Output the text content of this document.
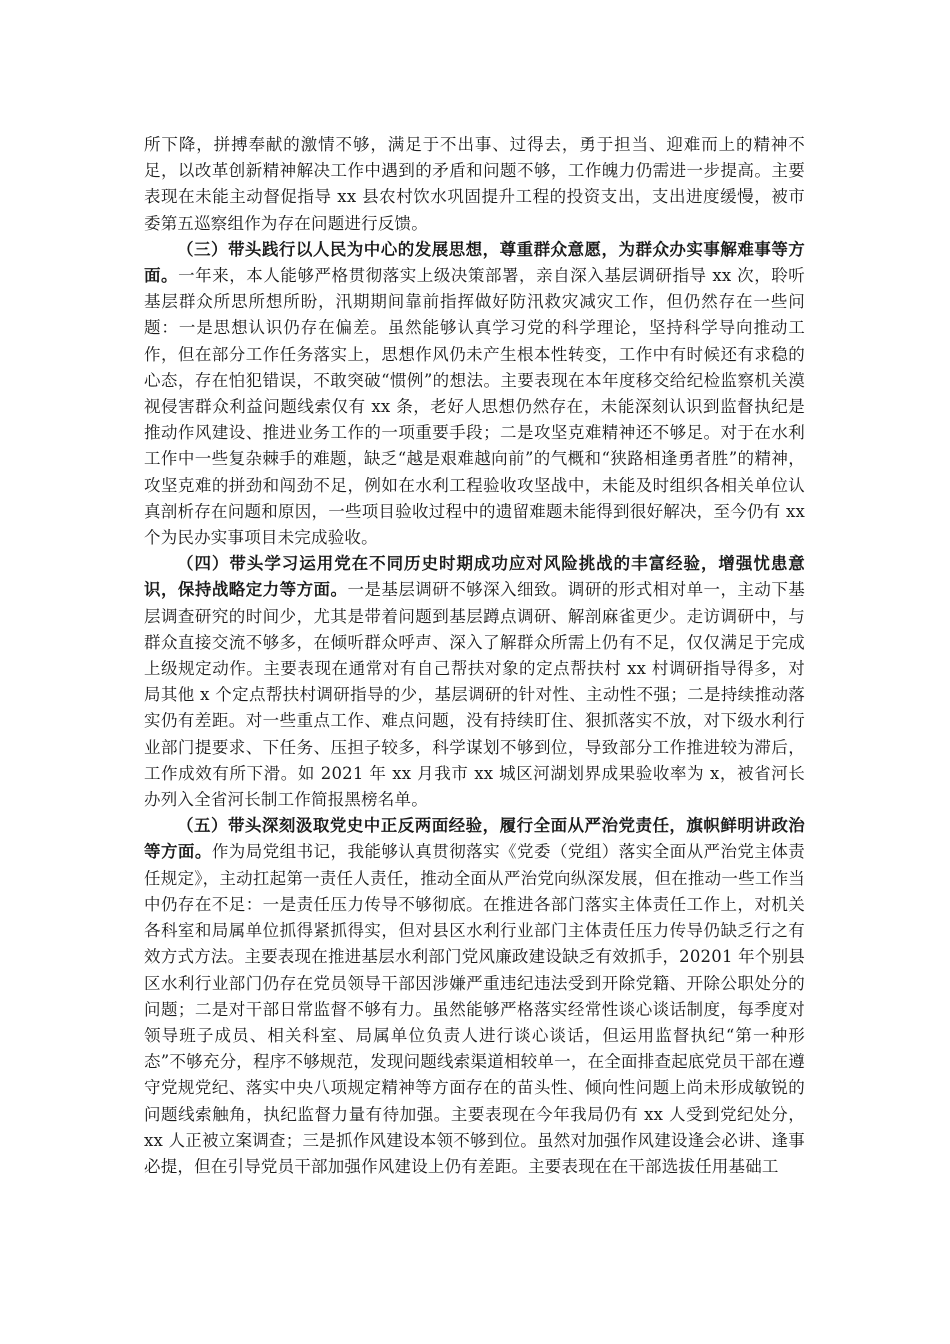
所下降，拼搏奉献的激情不够，满足于不出事、过得去，勇于担当、迎难而上的精神不足，以改革创新精神解决工作中遇到的矛盾和问题不够，工作魄力仍需进一步提高。主要表现在未能主动督促指导 xx 县农村饮水巩固提升工程的投资支出，支出进度缓慢，被市委第五巡察组作为存在问题进行反馈。

（三）带头践行以人民为中心的发展思想，尊重群众意愿，为群众办实事解难事等方面。一年来，本人能够严格贯彻落实上级决策部署，亲自深入基层调研指导 xx 次，聆听基层群众所思所想所盼，汛期期间靠前指挥做好防汛救灾减灾工作，但仍然存在一些问题：一是思想认识仍存在偏差。虽然能够认真学习党的科学理论，坚持科学导向推动工作，但在部分工作任务落实上，思想作风仍未产生根本性转变，工作中有时候还有求稳的心态，存在怕犯错误，不敢突破“惯例”的想法。主要表现在本年度移交给纪检监察机关漠视侵害群众利益问题线索仅有 xx 条，老好人思想仍然存在，未能深刻认识到监督执纪是推动作风建设、推进业务工作的一项重要手段；二是攻坚克难精神还不够足。对于在水利工作中一些复杂棘手的难题，缺乏“越是艰难越向前”的气概和“狭路相逢勇者胜”的精神，攻坚克难的拼劲和闯劲不足，例如在水利工程验收攻坚战中，未能及时组织各相关单位认真剖析存在问题和原因，一些项目验收过程中的遗留难题未能得到很好解决，至今仍有 xx 个为民办实事项目未完成验收。

（四）带头学习运用党在不同历史时期成功应对风险挑战的丰富经验，增强忧患意识，保持战略定力等方面。一是基层调研不够深入细致。调研的形式相对单一，主动下基层调查研究的时间少，尤其是带着问题到基层蹲点调研、解剖麻雀更少。走访调研中，与群众直接交流不够多，在倾听群众呼声、深入了解群众所需上仍有不足，仅仅满足于完成上级规定动作。主要表现在通常对有自己帮扶对象的定点帮扶村 xx 村调研指导得多，对局其他 x 个定点帮扶村调研指导的少，基层调研的针对性、主动性不强；二是持续推动落实仍有差距。对一些重点工作、难点问题，没有持续盯住、狠抓落实不放，对下级水利行业部门提要求、下任务、压担子较多，科学谋划不够到位，导致部分工作推进较为滞后，工作成效有所下滑。如 2021 年 xx 月我市 xx 城区河湖划界成果验收率为 x，被省河长办列入全省河长制工作简报黑榜名单。

（五）带头深刻汲取党史中正反两面经验，履行全面从严治党责任，旗帜鲜明讲政治等方面。作为局党组书记，我能够认真贯彻落实《党委（党组）落实全面从严治党主体责任规定》，主动扛起第一责任人责任，推动全面从严治党向纵深发展，但在推动一些工作当中仍存在不足：一是责任压力传导不够彻底。在推进各部门落实主体责任工作上，对机关各科室和局属单位抓得紧抓得实，但对县区水利行业部门主体责任压力传导仍缺乏行之有效方式方法。主要表现在推进基层水利部门党风廉政建设缺乏有效抓手，20201 年个别县区水利行业部门仍存在党员领导干部因涉嫌严重违纪违法受到开除党籍、开除公职处分的问题；二是对干部日常监督不够有力。虽然能够严格落实经常性谈心谈话制度，每季度对领导班子成员、相关科室、局属单位负责人进行谈心谈话，但运用监督执纪“第一种形态”不够充分，程序不够规范，发现问题线索渠道相较单一，在全面排查起底党员干部在遵守党规党纪、落实中央八项规定精神等方面存在的苗头性、倾向性问题上尚未形成敏锐的问题线索触角，执纪监督力量有待加强。主要表现在今年我局仍有 xx 人受到党纪处分，xx 人正被立案调查；三是抓作风建设本领不够到位。虽然对加强作风建设逢会必讲、逢事必提，但在引导党员干部加强作风建设上仍有差距。主要表现在在干部选拔任用基础工
